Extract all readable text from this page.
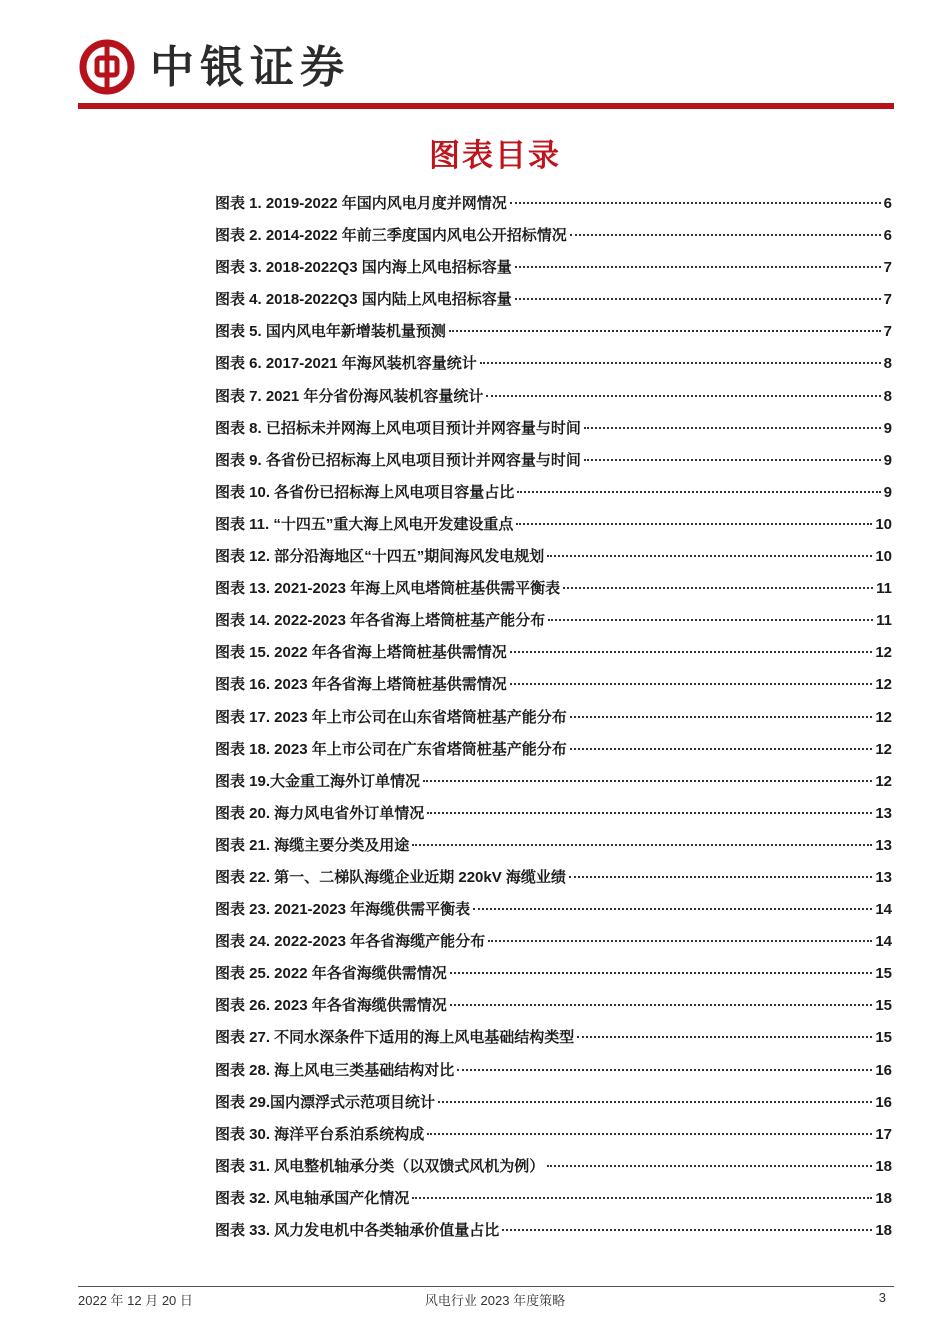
中银证券
图表目录
图表 1. 2019-2022 年国内风电月度并网情况	6
图表 2. 2014-2022 年前三季度国内风电公开招标情况	6
图表 3. 2018-2022Q3 国内海上风电招标容量	7
图表 4. 2018-2022Q3 国内陆上风电招标容量	7
图表 5. 国内风电年新增装机量预测	7
图表 6. 2017-2021 年海风装机容量统计	8
图表 7. 2021 年分省份海风装机容量统计	8
图表 8. 已招标未并网海上风电项目预计并网容量与时间	9
图表 9. 各省份已招标海上风电项目预计并网容量与时间	9
图表 10. 各省份已招标海上风电项目容量占比	9
图表 11. “十四五”重大海上风电开发建设重点	10
图表 12. 部分沿海地区“十四五”期间海风发电规划	10
图表 13. 2021-2023 年海上风电塔筒桩基供需平衡表	11
图表 14. 2022-2023 年各省海上塔筒桩基产能分布	11
图表 15. 2022 年各省海上塔筒桩基供需情况	12
图表 16. 2023 年各省海上塔筒桩基供需情况	12
图表 17. 2023 年上市公司在山东省塔筒桩基产能分布	12
图表 18. 2023 年上市公司在广东省塔筒桩基产能分布	12
图表 19.大金重工海外订单情况	12
图表 20. 海力风电省外订单情况	13
图表 21. 海缆主要分类及用途	13
图表 22. 第一、二梯队海缆企业近期 220kV 海缆业绩	13
图表 23. 2021-2023 年海缆供需平衡表	14
图表 24. 2022-2023 年各省海缆产能分布	14
图表 25. 2022 年各省海缆供需情况	15
图表 26. 2023 年各省海缆供需情况	15
图表 27. 不同水深条件下适用的海上风电基础结构类型	15
图表 28. 海上风电三类基础结构对比	16
图表 29.国内漂浮式示范项目统计	16
图表 30. 海洋平台系泊系统构成	17
图表 31. 风电整机轴承分类（以双馈式风机为例）	18
图表 32. 风电轴承国产化情况	18
图表 33. 风力发电机中各类轴承价值量占比	18
2022 年 12 月 20 日	风电行业 2023 年度策略	3
